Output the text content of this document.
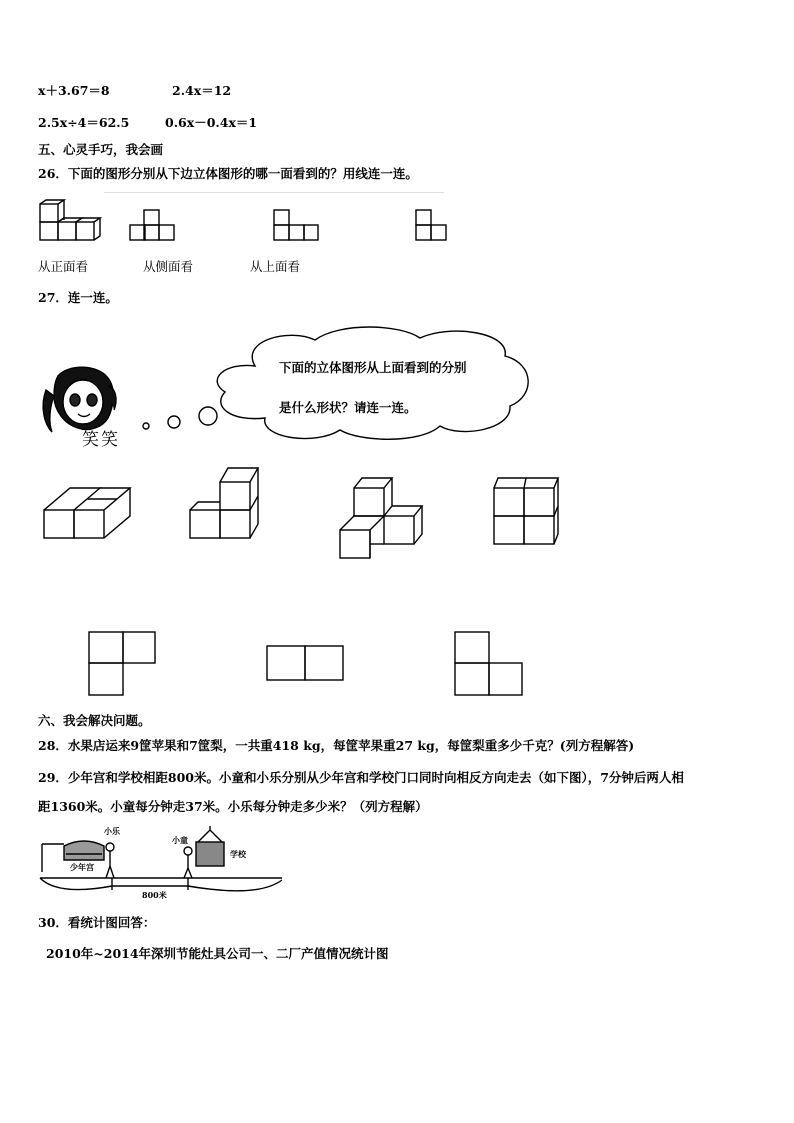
x＋3.67＝8	2.4x＝12
2.5x÷4＝62.5	0.6x－0.4x＝1
五、心灵手巧，我会画
26．下面的图形分别从下边立体图形的哪一面看到的？用线连一连。
从正面看	从侧面看	从上面看
27．连一连。
笑笑
下面的立体图形从上面看到的分别
是什么形状？请连一连。
六、我会解决问题。
28．水果店运来9筐苹果和7筐梨，一共重418 kg，每筐苹果重27 kg，每筐梨重多少千克？(列方程解答)
29．少年宫和学校相距800米。小童和小乐分别从少年宫和学校门口同时向相反方向走去（如下图），7分钟后两人相
距1360米。小童每分钟走37米。小乐每分钟走多少米？（列方程解）
小乐
小童
少年宫
学校
800米
30．看统计图回答：
2010年~2014年深圳节能灶具公司一、二厂产值情况统计图
